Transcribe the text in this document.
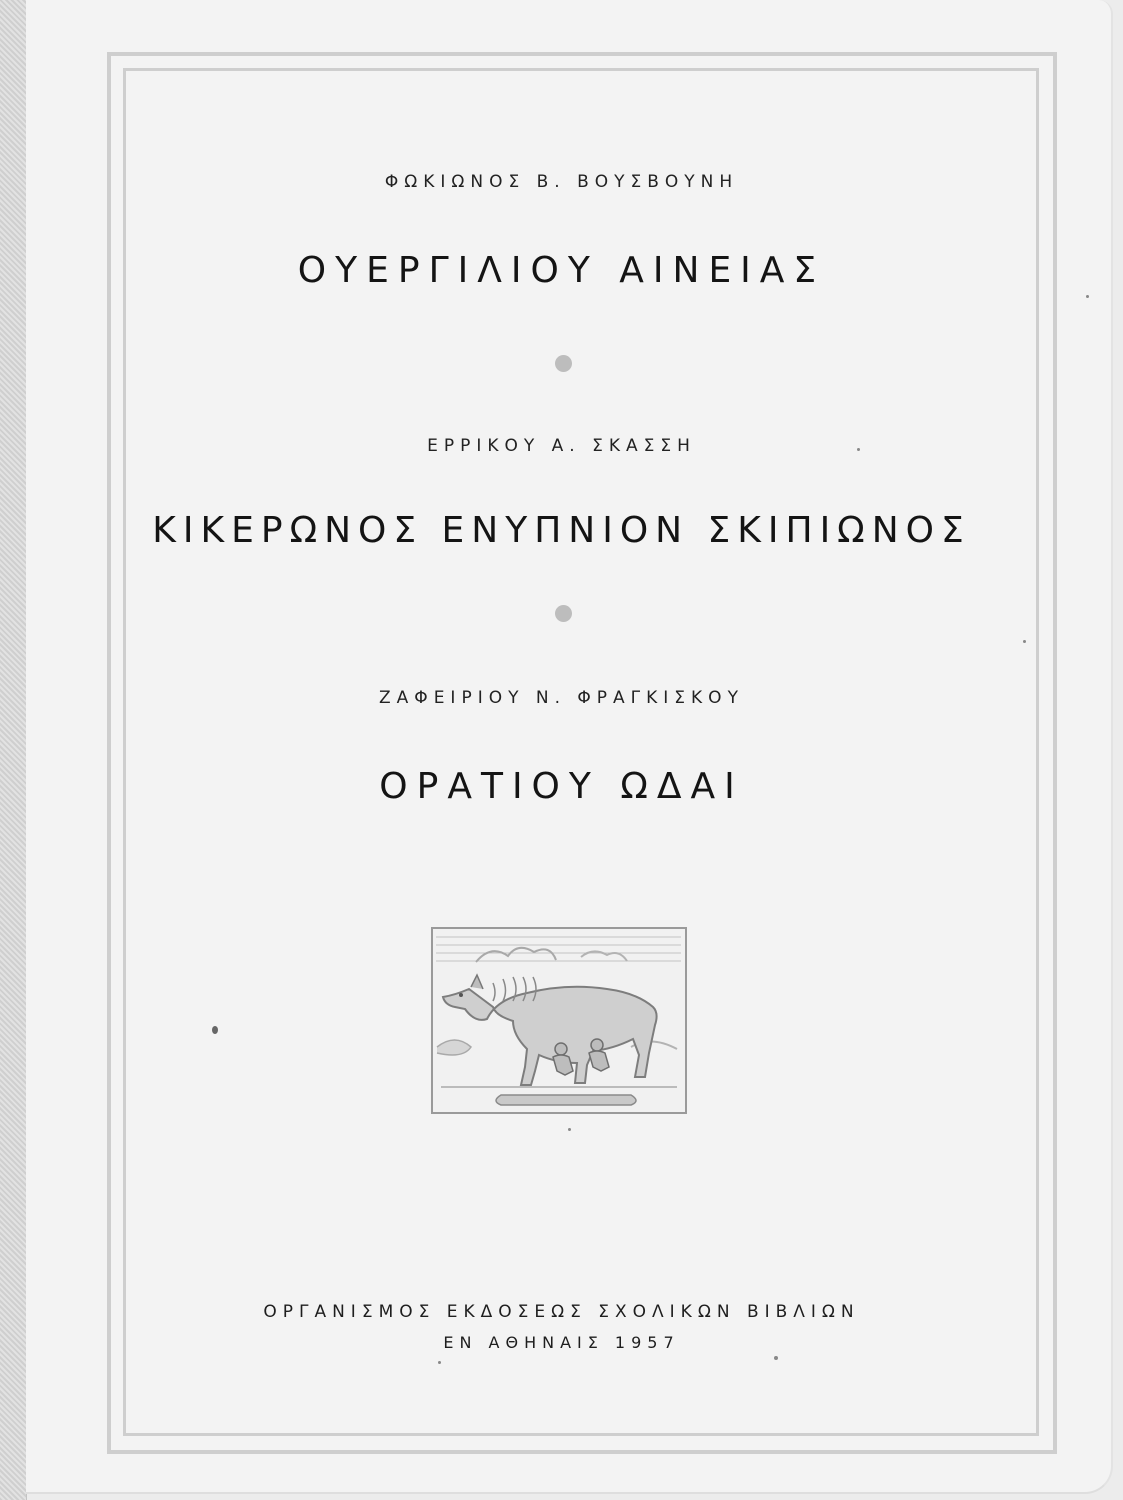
ΦΩΚΙΩΝΟΣ Β. ΒΟΥΣΒΟΥΝΗ

ΟΥΕΡΓΙΛΙΟΥ ΑΙΝΕΙΑΣ

ΕΡΡΙΚΟΥ Α. ΣΚΑΣΣΗ

ΚΙΚΕΡΩΝΟΣ ΕΝΥΠΝΙΟΝ ΣΚΙΠΙΩΝΟΣ

ΖΑΦΕΙΡΙΟΥ Ν. ΦΡΑΓΚΙΣΚΟΥ

ΟΡΑΤΙΟΥ ΩΔΑΙ

ΟΡΓΑΝΙΣΜΟΣ ΕΚΔΟΣΕΩΣ ΣΧΟΛΙΚΩΝ ΒΙΒΛΙΩΝ

ΕΝ ΑΘΗΝΑΙΣ 1957
